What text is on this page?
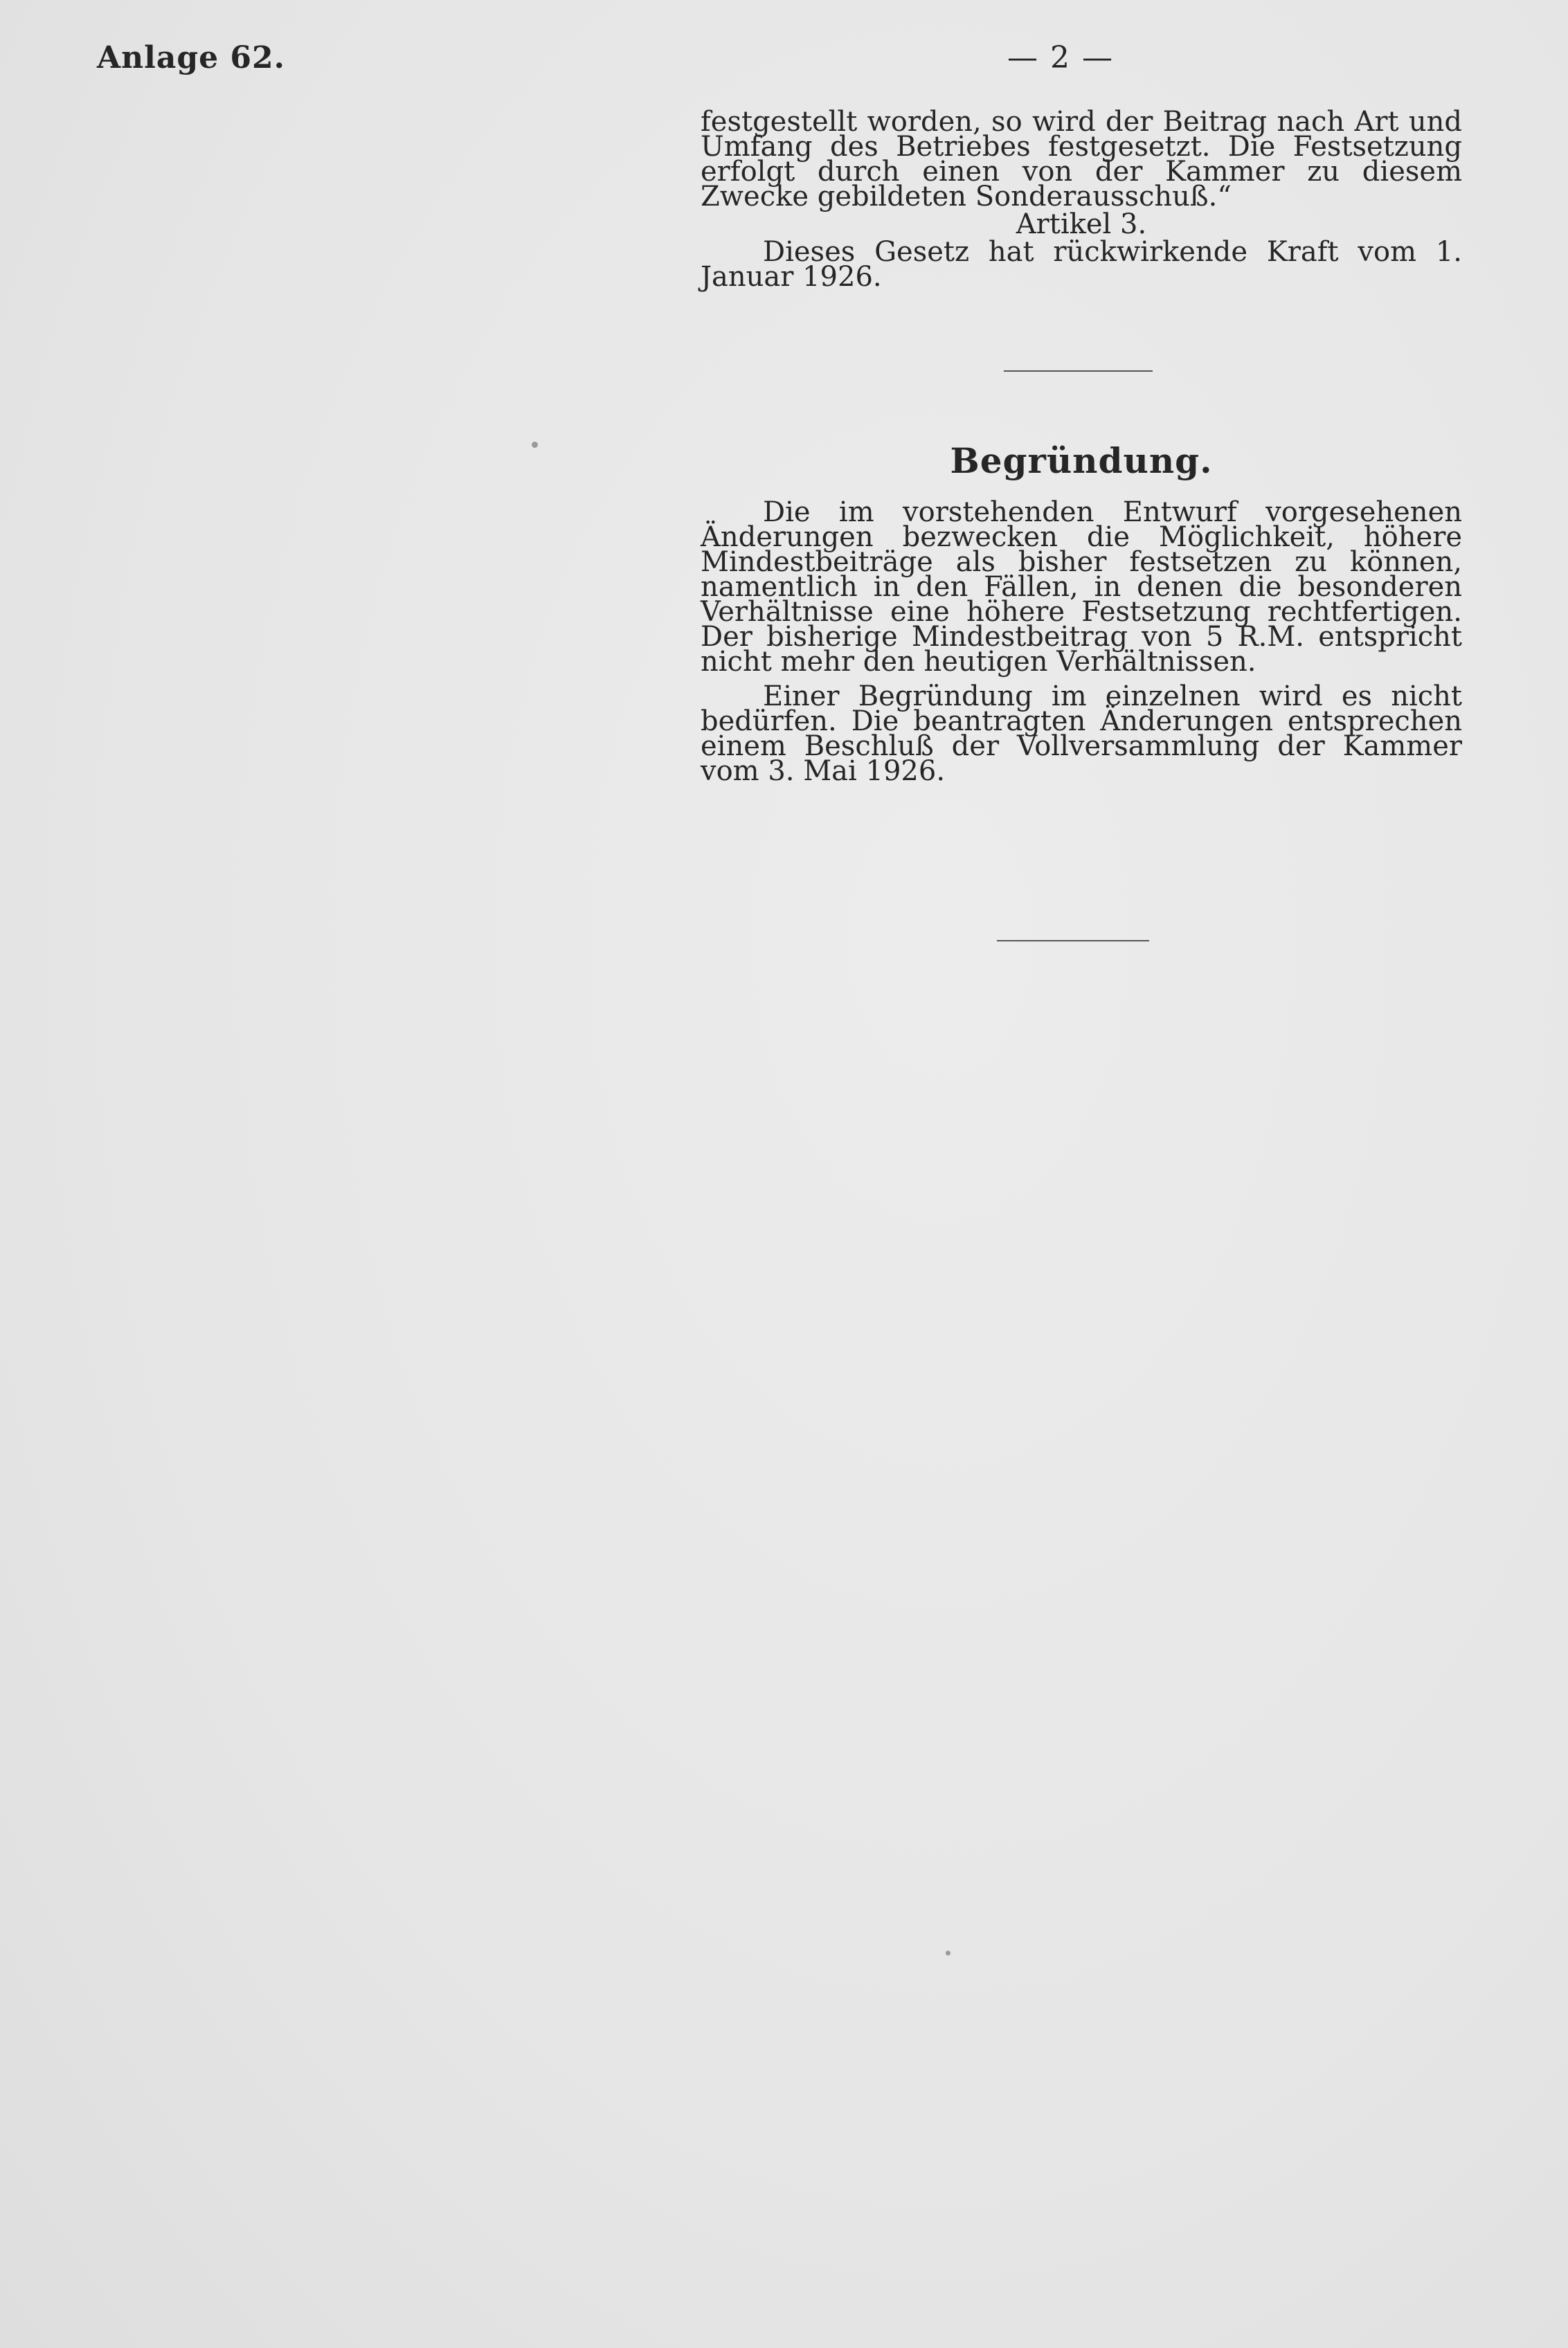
Anlage 62.	— 2 —

festgestellt worden, so wird der Beitrag nach Art und Umfang des Betriebes festgesetzt. Die Festsetzung erfolgt durch einen von der Kammer zu diesem Zwecke gebildeten Sonderausschuß.“

Artikel 3.

Dieses Gesetz hat rückwirkende Kraft vom 1. Januar 1926.

Begründung.

Die im vorstehenden Entwurf vorgesehenen Änderungen bezwecken die Möglichkeit, höhere Mindestbeiträge als bisher festsetzen zu können, namentlich in den Fällen, in denen die besonderen Verhältnisse eine höhere Festsetzung rechtfertigen. Der bisherige Mindestbeitrag von 5 R.M. entspricht nicht mehr den heutigen Verhältnissen.

Einer Begründung im einzelnen wird es nicht bedürfen. Die beantragten Änderungen entsprechen einem Beschluß der Vollversammlung der Kammer vom 3. Mai 1926.
